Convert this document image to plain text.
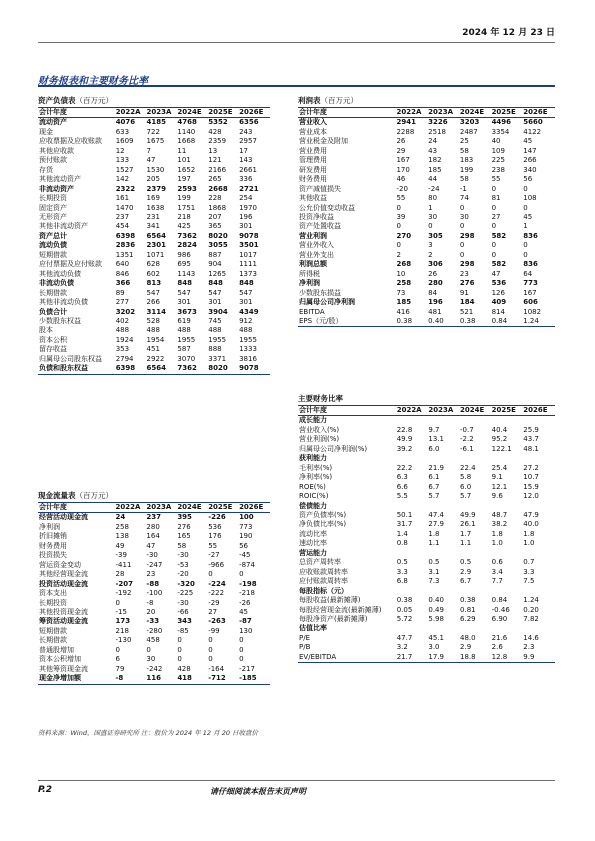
2024 年 12 月 23 日
财务报表和主要财务比率
资产负债表（百万元）
会计年度	2022A	2023A	2024E	2025E	2026E
流动资产	4076	4185	4768	5352	6356
现金	633	722	1140	428	243
应收票据及应收账款	1609	1675	1668	2359	2957
其他应收款	12	7	11	13	17
预付账款	133	47	101	121	143
存货	1527	1530	1652	2166	2661
其他流动资产	142	205	197	265	336
非流动资产	2322	2379	2593	2668	2721
长期投资	161	169	199	228	254
固定资产	1470	1638	1751	1868	1970
无形资产	237	231	218	207	196
其他非流动资产	454	341	425	365	301
资产总计	6398	6564	7362	8020	9078
流动负债	2836	2301	2824	3055	3501
短期借款	1351	1071	986	887	1017
应付票据及应付账款	640	628	695	904	1111
其他流动负债	846	602	1143	1265	1373
非流动负债	366	813	848	848	848
长期借款	89	547	547	547	547
其他非流动负债	277	266	301	301	301
负债合计	3202	3114	3673	3904	4349
少数股东权益	402	528	619	745	912
股本	488	488	488	488	488
资本公积	1924	1954	1955	1955	1955
留存收益	353	451	587	888	1333
归属母公司股东权益	2794	2922	3070	3371	3816
负债和股东权益	6398	6564	7362	8020	9078
利润表（百万元）
会计年度	2022A	2023A	2024E	2025E	2026E
营业收入	2941	3226	3203	4496	5660
营业成本	2288	2518	2487	3354	4122
营业税金及附加	26	24	25	40	45
营业费用	29	43	58	109	147
管理费用	167	182	183	225	266
研发费用	170	185	199	238	340
财务费用	46	44	58	55	56
资产减值损失	-20	-24	-1	0	0
其他收益	55	80	74	81	108
公允价值变动收益	0	1	0	0	0
投资净收益	39	30	30	27	45
资产处置收益	0	0	0	0	1
营业利润	270	305	298	582	836
营业外收入	0	3	0	0	0
营业外支出	2	2	0	0	0
利润总额	268	306	298	582	836
所得税	10	26	23	47	64
净利润	258	280	276	536	773
少数股东损益	73	84	91	126	167
归属母公司净利润	185	196	184	409	606
EBITDA	416	481	521	814	1082
EPS（元/股）	0.38	0.40	0.38	0.84	1.24
主要财务比率
会计年度	2022A	2023A	2024E	2025E	2026E
成长能力					
营业收入(%)	22.8	9.7	-0.7	40.4	25.9
营业利润(%)	49.9	13.1	-2.2	95.2	43.7
归属母公司净利润(%)	39.2	6.0	-6.1	122.1	48.1
获利能力					
毛利率(%)	22.2	21.9	22.4	25.4	27.2
净利率(%)	6.3	6.1	5.8	9.1	10.7
ROE(%)	6.6	6.7	6.0	12.1	15.9
ROIC(%)	5.5	5.7	5.7	9.6	12.0
偿债能力					
资产负债率(%)	50.1	47.4	49.9	48.7	47.9
净负债比率(%)	31.7	27.9	26.1	38.2	40.0
流动比率	1.4	1.8	1.7	1.8	1.8
速动比率	0.8	1.1	1.1	1.0	1.0
营运能力					
总资产周转率	0.5	0.5	0.5	0.6	0.7
应收账款周转率	3.3	3.1	2.9	3.4	3.3
应付账款周转率	6.8	7.3	6.7	7.7	7.5
每股指标（元）					
每股收益(最新摊薄)	0.38	0.40	0.38	0.84	1.24
每股经营现金流(最新摊薄)	0.05	0.49	0.81	-0.46	0.20
每股净资产(最新摊薄)	5.72	5.98	6.29	6.90	7.82
估值比率					
P/E	47.7	45.1	48.0	21.6	14.6
P/B	3.2	3.0	2.9	2.6	2.3
EV/EBITDA	21.7	17.9	18.8	12.8	9.9
现金流量表（百万元）
会计年度	2022A	2023A	2024E	2025E	2026E
经营活动现金流	24	237	395	-226	100
净利润	258	280	276	536	773
折旧摊销	138	164	165	176	190
财务费用	49	47	58	55	56
投资损失	-39	-30	-30	-27	-45
营运资金变动	-411	-247	-53	-966	-874
其他经营现金流	28	23	-20	0	0
投资活动现金流	-207	-88	-320	-224	-198
资本支出	-192	-100	-225	-222	-218
长期投资	0	-8	-30	-29	-26
其他投资现金流	-15	20	-66	27	45
筹资活动现金流	173	-33	343	-263	-87
短期借款	218	-280	-85	-99	130
长期借款	-130	458	0	0	0
普通股增加	0	0	0	0	0
资本公积增加	6	30	0	0	0
其他筹资现金流	79	-242	428	-164	-217
现金净增加额	-8	116	418	-712	-185
资料来源：Wind，国盛证券研究所 注：股价为 2024 年 12 月 20 日收盘价
P.2	请仔细阅读本报告末页声明
